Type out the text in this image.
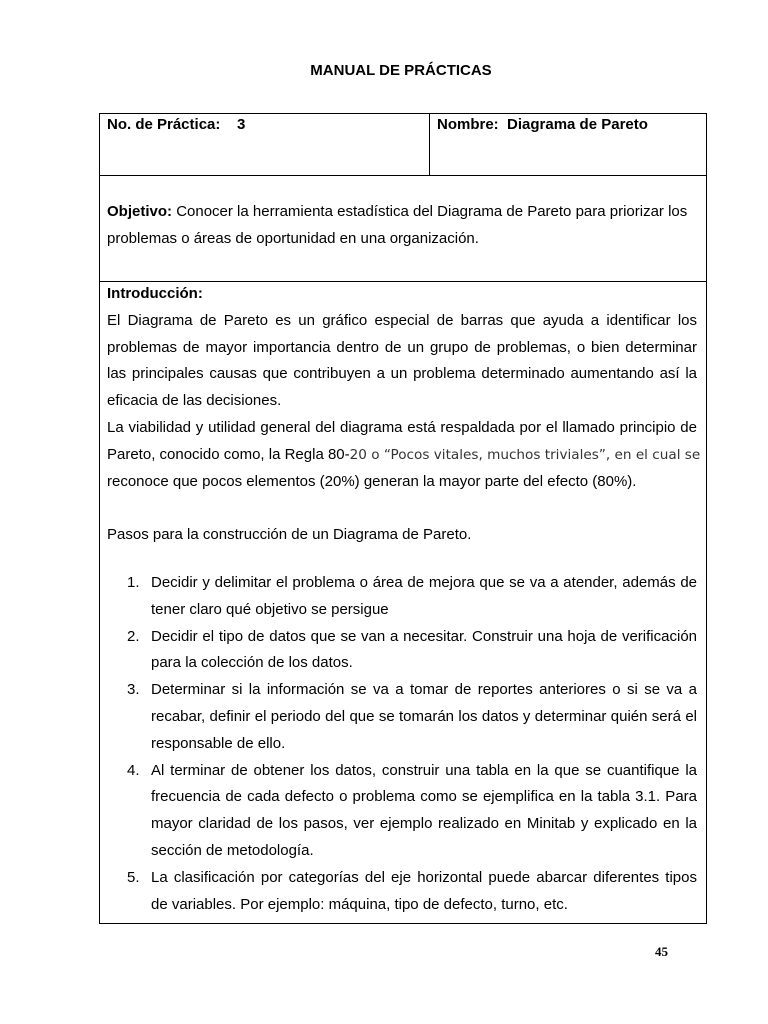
MANUAL DE PRÁCTICAS
No. de Práctica: 3	Nombre: Diagrama de Pareto

Objetivo: Conocer la herramienta estadística del Diagrama de Pareto para priorizar los problemas o áreas de oportunidad en una organización.

Introducción:
El Diagrama de Pareto es un gráfico especial de barras que ayuda a identificar los
problemas de mayor importancia dentro de un grupo de problemas, o bien determinar
las principales causas que contribuyen a un problema determinado aumentando así la
eficacia de las decisiones.
La viabilidad y utilidad general del diagrama está respaldada por el llamado principio de
Pareto, conocido como, la Regla 80-20 o “Pocos vitales, muchos triviales”, en el cual se
reconoce que pocos elementos (20%) generan la mayor parte del efecto (80%).

Pasos para la construcción de un Diagrama de Pareto.
1. Decidir y delimitar el problema o área de mejora que se va a atender, además de
tener claro qué objetivo se persigue
2. Decidir el tipo de datos que se van a necesitar. Construir una hoja de verificación
para la colección de los datos.
3. Determinar si la información se va a tomar de reportes anteriores o si se va a
recabar, definir el periodo del que se tomarán los datos y determinar quién será el
responsable de ello.
4. Al terminar de obtener los datos, construir una tabla en la que se cuantifique la
frecuencia de cada defecto o problema como se ejemplifica en la tabla 3.1. Para
mayor claridad de los pasos, ver ejemplo realizado en Minitab y explicado en la
sección de metodología.
5. La clasificación por categorías del eje horizontal puede abarcar diferentes tipos
de variables. Por ejemplo: máquina, tipo de defecto, turno, etc.
45
